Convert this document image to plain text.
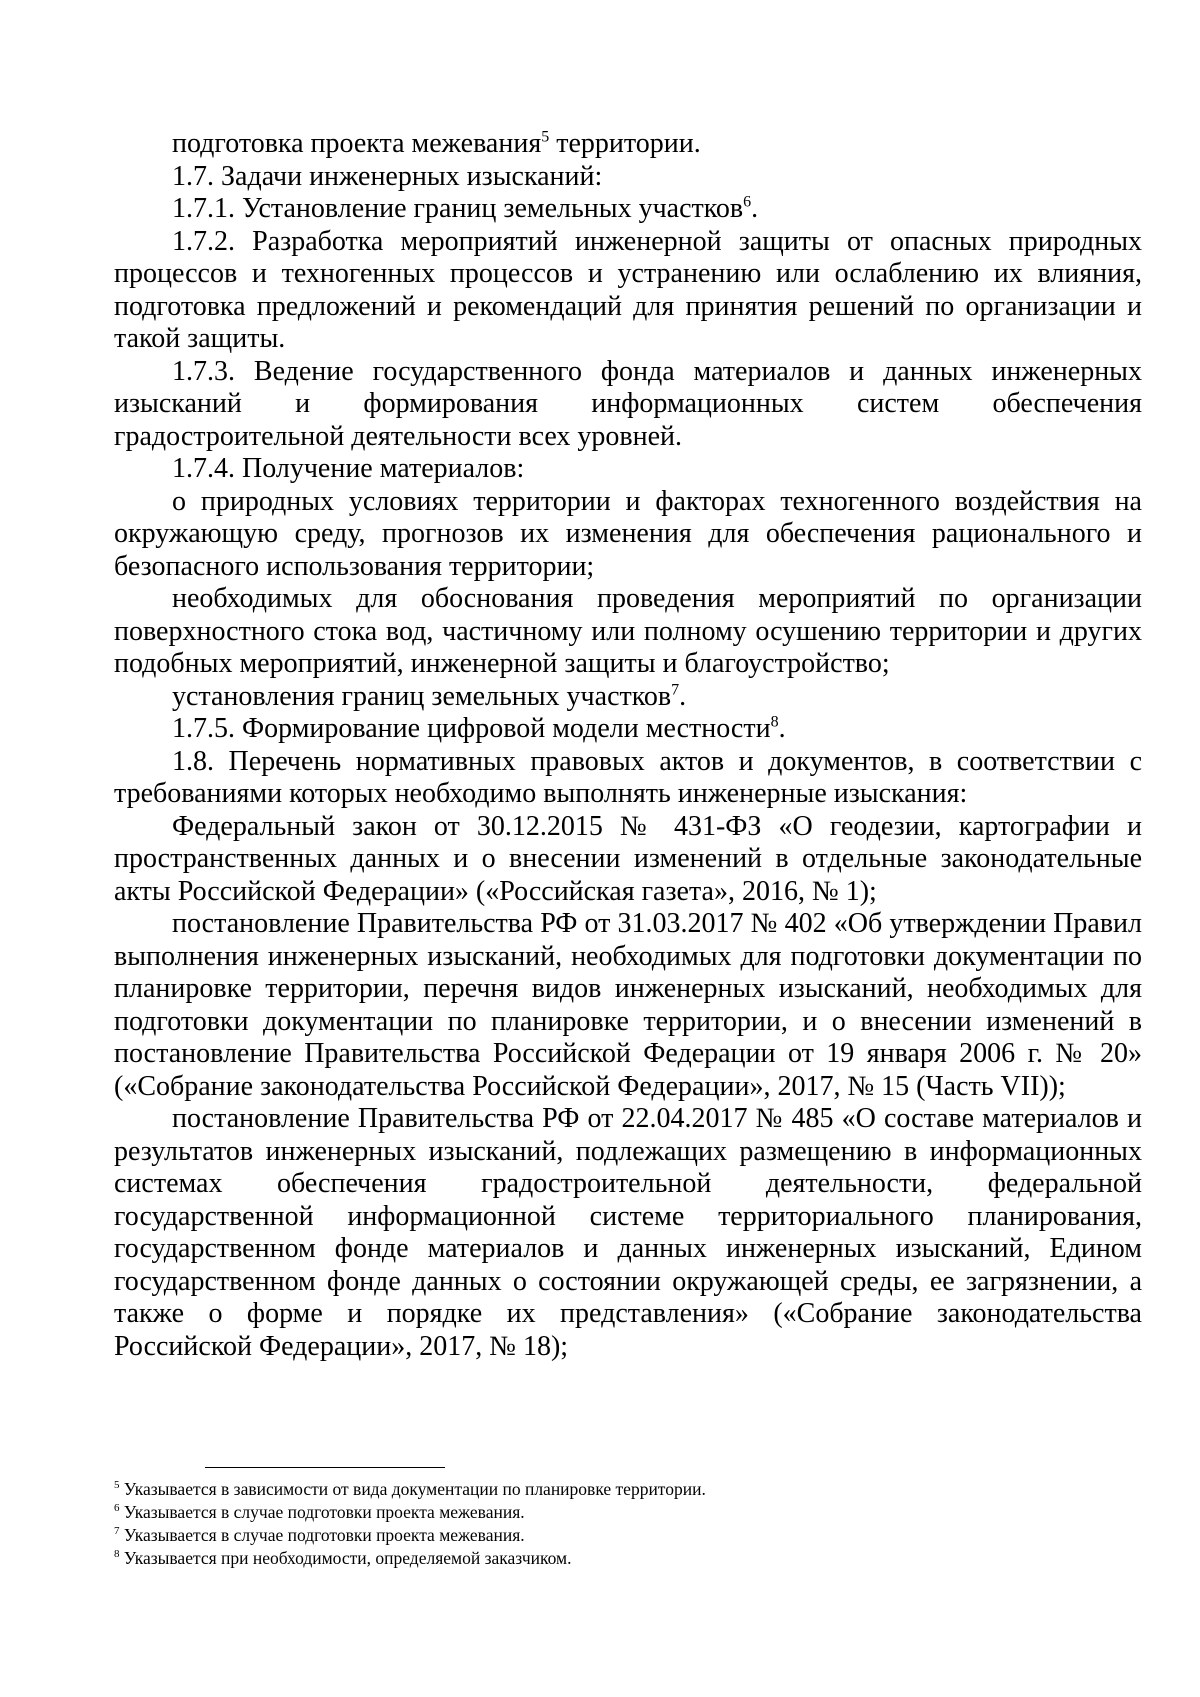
подготовка проекта межевания$^5$ территории.

1.7. Задачи инженерных изысканий:

1.7.1. Установление границ земельных участков$^6$.

1.7.2. Разработка мероприятий инженерной защиты от опасных природных процессов и техногенных процессов и устранению или ослаблению их влияния, подготовка предложений и рекомендаций для принятия решений по организации и такой защиты.

1.7.3. Ведение государственного фонда материалов и данных инженерных изысканий и формирования информационных систем обеспечения градостроительной деятельности всех уровней.

1.7.4. Получение материалов:

о природных условиях территории и факторах техногенного воздействия на окружающую среду, прогнозов их изменения для обеспечения рационального и безопасного использования территории;

необходимых для обоснования проведения мероприятий по организации поверхностного стока вод, частичному или полному осушению территории и других подобных мероприятий, инженерной защиты и благоустройство;

установления границ земельных участков$^7$.

1.7.5. Формирование цифровой модели местности$^8$.

1.8. Перечень нормативных правовых актов и документов, в соответствии с требованиями которых необходимо выполнять инженерные изыскания:

Федеральный закон от 30.12.2015 № 431-ФЗ «О геодезии, картографии и пространственных данных и о внесении изменений в отдельные законодательные акты Российской Федерации» («Российская газета», 2016, № 1);

постановление Правительства РФ от 31.03.2017 № 402 «Об утверждении Правил выполнения инженерных изысканий, необходимых для подготовки документации по планировке территории, перечня видов инженерных изысканий, необходимых для подготовки документации по планировке территории, и о внесении изменений в постановление Правительства Российской Федерации от 19 января 2006 г. № 20» («Собрание законодательства Российской Федерации», 2017, № 15 (Часть VII));

постановление Правительства РФ от 22.04.2017 № 485 «О составе материалов и результатов инженерных изысканий, подлежащих размещению в информационных системах обеспечения градостроительной деятельности, федеральной государственной информационной системе территориального планирования, государственном фонде материалов и данных инженерных изысканий, Едином государственном фонде данных о состоянии окружающей среды, ее загрязнении, а также о форме и порядке их представления» («Собрание законодательства Российской Федерации», 2017, № 18);

$^5$ Указывается в зависимости от вида документации по планировке территории.

$^6$ Указывается в случае подготовки проекта межевания.

$^7$ Указывается в случае подготовки проекта межевания.

$^8$ Указывается при необходимости, определяемой заказчиком.
